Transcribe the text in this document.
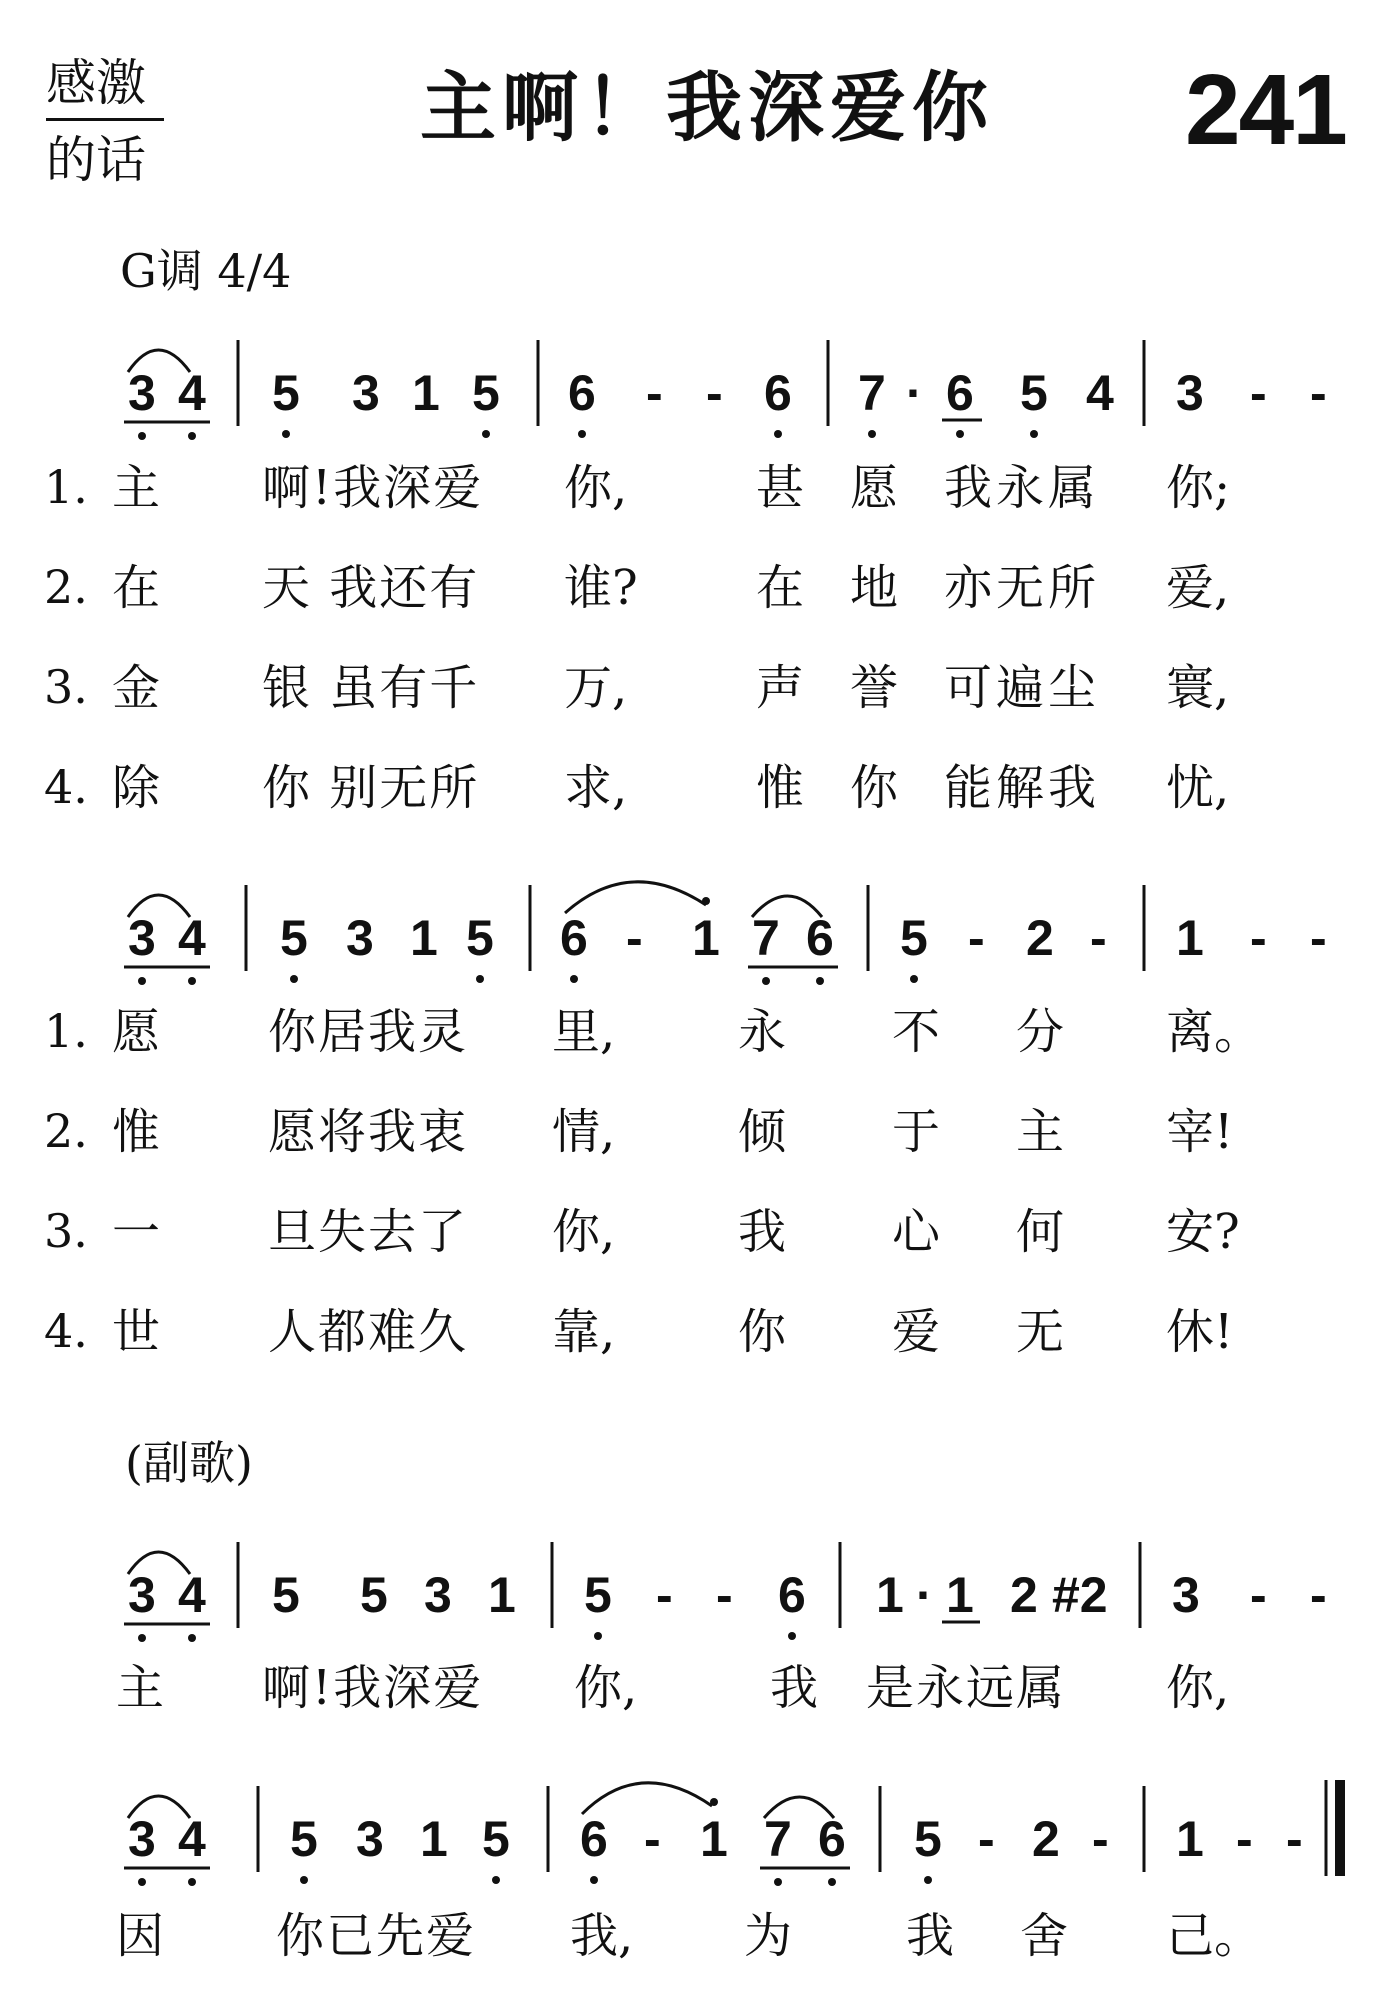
感激
的话
主啊！我深爱你 241
G调 4/4
(副歌)
3 4 5 3 1 5 6 - - 6 7 · 6 5 4 3 - -
1. 主 啊!我深爱 你,	甚 愿 我永属 你;
2. 在 天 我还有 谁? 在 地 亦无所 爱,
3. 金 银 虽有千 万,	声 誉 可遍尘 寰,
4. 除 你 别无所 求,	惟 你 能解我 忧,
3 4 5 3 1 5 6 - 1 7 6 5 - 2 - 1 - -
1. 愿 你居我灵 里,	永 不 分 离。
2. 惟 愿将我衷 情,	倾 于 主 宰!
3. 一 旦失去了 你,	我 心 何 安?
4. 世 人都难久 靠,	你 爱 无 休!
3 4 5 5 3 1 5 - - 6 1 · 1 2 #2 3 - -
主 啊!我深爱 你,	我 是永远属 你,
3 4 5 3 1 5 6 - 1 7 6 5 - 2 - 1 - -
因 你已先爱 我, 为 我 舍 己。
